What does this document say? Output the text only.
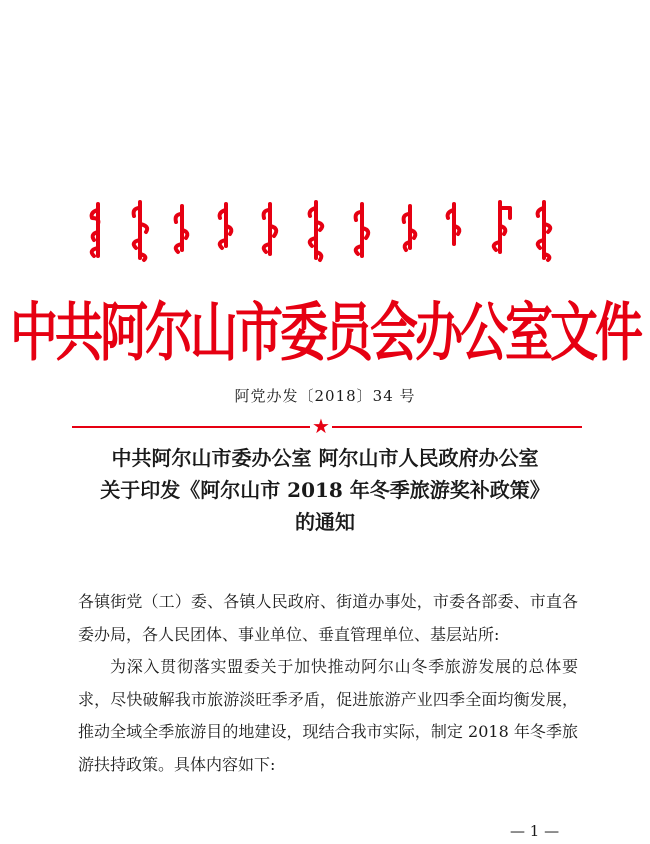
中共阿尔山市委员会办公室文件
阿党办发〔2018〕34 号
★
中共阿尔山市委办公室 阿尔山市人民政府办公室
关于印发《阿尔山市 2018 年冬季旅游奖补政策》
的通知

各镇街党（工）委、各镇人民政府、街道办事处，市委各部委、市直各委办局，各人民团体、事业单位、垂直管理单位、基层站所:

为深入贯彻落实盟委关于加快推动阿尔山冬季旅游发展的总体要求，尽快破解我市旅游淡旺季矛盾，促进旅游产业四季全面均衡发展，推动全域全季旅游目的地建设，现结合我市实际，制定 2018 年冬季旅游扶持政策。具体内容如下:

— 1 —
